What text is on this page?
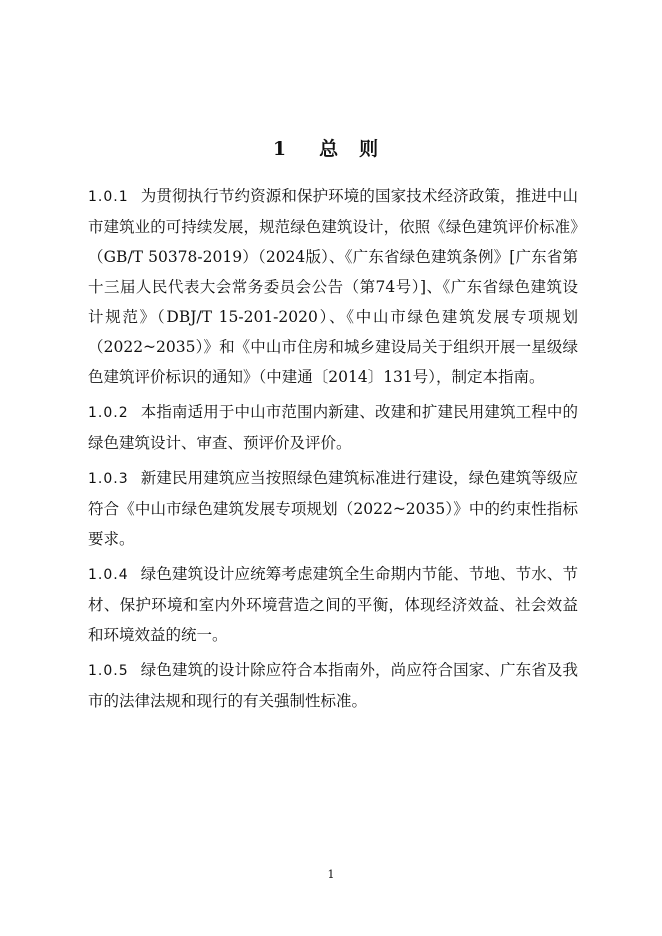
1 总 则

1.0.1 为贯彻执行节约资源和保护环境的国家技术经济政策，推进中山市建筑业的可持续发展，规范绿色建筑设计，依照《绿色建筑评价标准》（GB/T 50378-2019）（2024版）、《广东省绿色建筑条例》[广东省第十三届人民代表大会常务委员会公告（第74号）]、《广东省绿色建筑设计规范》（DBJ/T 15-201-2020）、《中山市绿色建筑发展专项规划（2022~2035）》和《中山市住房和城乡建设局关于组织开展一星级绿色建筑评价标识的通知》（中建通〔2014〕131号），制定本指南。

1.0.2 本指南适用于中山市范围内新建、改建和扩建民用建筑工程中的绿色建筑设计、审查、预评价及评价。

1.0.3 新建民用建筑应当按照绿色建筑标准进行建设，绿色建筑等级应符合《中山市绿色建筑发展专项规划（2022~2035）》中的约束性指标要求。

1.0.4 绿色建筑设计应统筹考虑建筑全生命期内节能、节地、节水、节材、保护环境和室内外环境营造之间的平衡，体现经济效益、社会效益和环境效益的统一。

1.0.5 绿色建筑的设计除应符合本指南外，尚应符合国家、广东省及我市的法律法规和现行的有关强制性标准。

1
